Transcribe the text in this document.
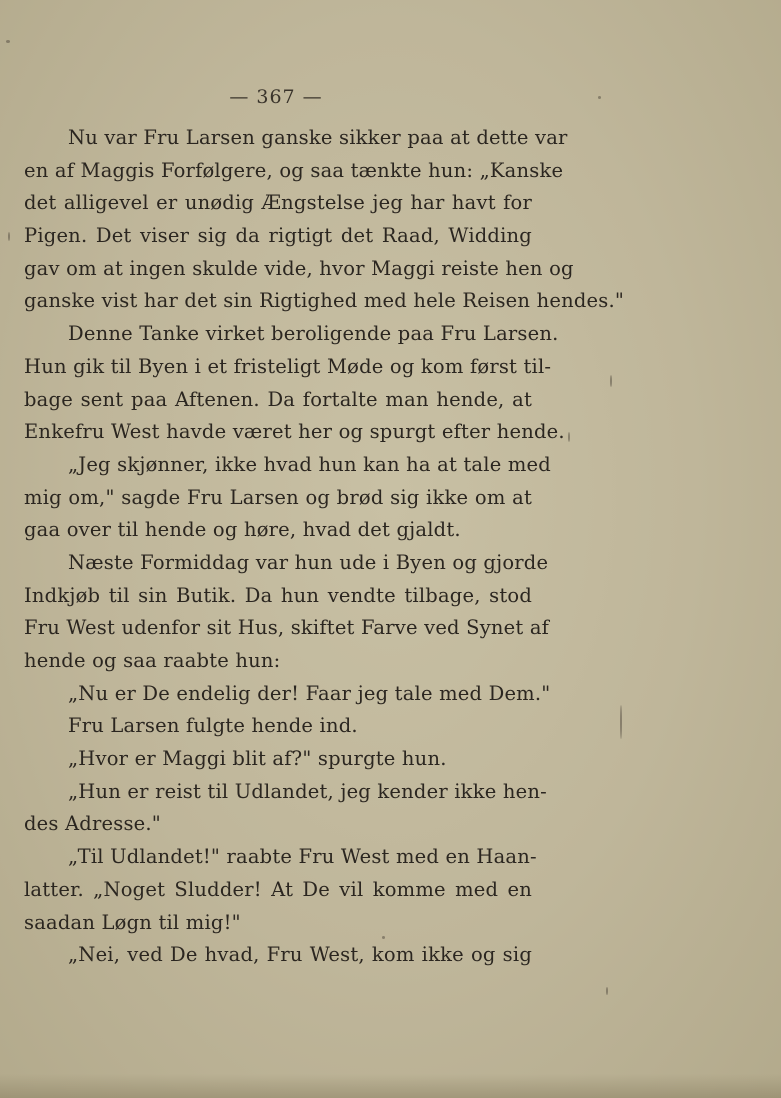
— 367 —
Nu var Fru Larsen ganske sikker paa at dette var
en af Maggis Forfølgere, og saa tænkte hun: „Kanske
det alligevel er unødig Ængstelse jeg har havt for
Pigen. Det viser sig da rigtigt det Raad, Widding
gav om at ingen skulde vide, hvor Maggi reiste hen og
ganske vist har det sin Rigtighed med hele Reisen hendes."
Denne Tanke virket beroligende paa Fru Larsen.
Hun gik til Byen i et fristeligt Møde og kom først til-
bage sent paa Aftenen. Da fortalte man hende, at
Enkefru West havde været her og spurgt efter hende.
„Jeg skjønner, ikke hvad hun kan ha at tale med
mig om," sagde Fru Larsen og brød sig ikke om at
gaa over til hende og høre, hvad det gjaldt.
Næste Formiddag var hun ude i Byen og gjorde
Indkjøb til sin Butik. Da hun vendte tilbage, stod
Fru West udenfor sit Hus, skiftet Farve ved Synet af
hende og saa raabte hun:
„Nu er De endelig der! Faar jeg tale med Dem."
Fru Larsen fulgte hende ind.
„Hvor er Maggi blit af?" spurgte hun.
„Hun er reist til Udlandet, jeg kender ikke hen-
des Adresse."
„Til Udlandet!" raabte Fru West med en Haan-
latter. „Noget Sludder! At De vil komme med en
saadan Løgn til mig!"
„Nei, ved De hvad, Fru West, kom ikke og sig
